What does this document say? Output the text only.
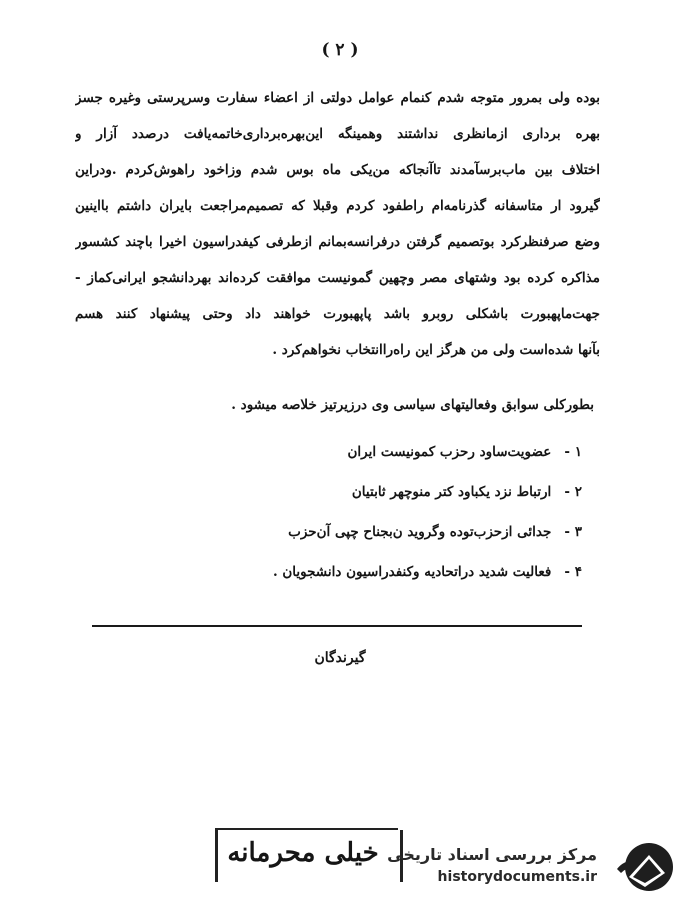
( ۲ )
بوده ولی بمرور متوجه شدم کنمام عوامل دولتی از اعضاء سفارت وسرپرستی وغیره جسز
بهره برداری ازمانظری نداشتند وهمینگه این‌بهره‌برداری‌خاتمه‌یافت درصدد آزار و
اختلاف بین ماب‌برسآمدند تاآنجاکه من‌یکی ماه بوس شدم وزاخود راهوش‌کردم .ودراین
گیرود ار متاسفانه گذرنامه‌ام راطفود کردم وقبلا که تصمیم‌مراجعت بایران داشتم بااینین
وضع صرفنظرکرد بوتصمیم گرفتن درفرانسه‌بمانم ازطرفی کیفدراسیون اخیرا باچند کشسور
مذاکره کرده بود وشتهای مصر وچهین گمونیست موافقت کرده‌اند بهردانشجو ایرانی‌کماز -
جهت‌ماپهبورت باشکلی روبرو باشد پاپهبورت خواهند داد وحتی پیشنهاد کنند هسم
بآنها شده‌است ولی من هرگز این راه‌راانتخاب نخواهم‌کرد .
بطورکلی سوابق وفعالیتهای سیاسی وی درزیرتیز خلاصه میشود .
۱ - عضویت‌ساود رحزب کمونیست ایران
۲ - ارتباط نزد یکباود کتر منوچهر ثابتیان
۳ - جدائی ازحزب‌توده وگروید ن‌بجناح چپی آن‌حزب
۴ - فعالیت شدید دراتحادیه وکنفدراسیون دانشجویان .
گیرندگان
خیلی محرمانه مرکز بررسی اسناد تاریخی
historydocuments.ir
